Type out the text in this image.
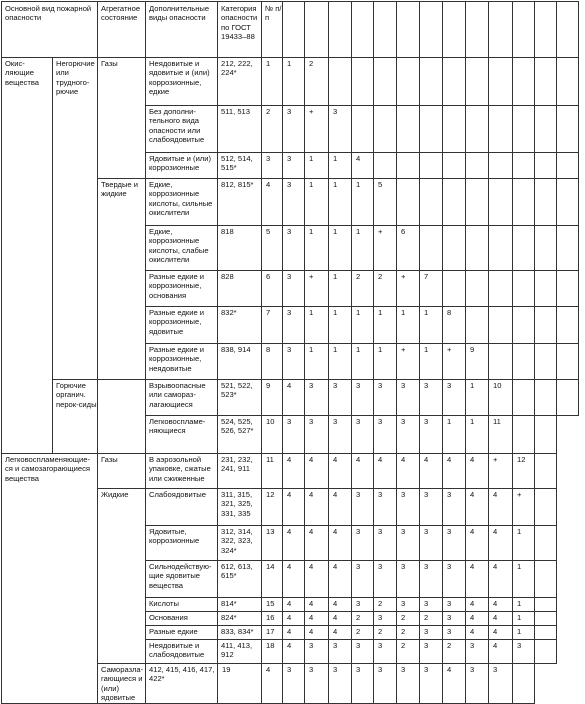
Основной вид пожарной опасности		Агрегатное состояние	Дополнительные виды опасности	Категория опасности по ГОСТ 19433–88	№ п/п													
Окис-ляющие вещества	Негорючие или трудного-рючие	Газы	Неядовитые и ядовитые и (или) коррозионные, едкие	212, 222, 224*	1	1	2											
			Без дополни-тельного вида опасности или слабоядовитые	511, 513	2	3	+	3										
			Ядовитые и (или) коррозионные	512, 514, 515*	3	3	1	1	4									
		Твердые и жидкие	Едкие, коррозионные кислоты, сильные окислители	812, 815*	4	3	1	1	1	5								
			Едкие, коррозионные кислоты, слабые окислители	818	5	3	1	1	1	+	6							
			Разные едкие и коррозионные, основания	828	6	3	+	1	2	2	+	7						
			Разные едкие и коррозионные, ядовитые	832*	7	3	1	1	1	1	1	1	8					
			Разные едкие и коррозионные, неядовитые	838, 914	8	3	1	1	1	1	+	1	+	9				
	Горючие органич. перок-сиды		Взрывоопасные или самораз-лагающиеся	521, 522, 523*	9	4	3	3	3	3	3	3	3	1	10			
			Легковоспламе-няющиеся	524, 525, 526, 527*	10	3	3	3	3	3	3	3	1	1	11			
Легковоспламеняющие-ся и самозагорающиеся вещества		Газы	В аэрозольной упаковке, сжатые или сжиженные	231, 232, 241, 911	11	4	4	4	4	4	4	4	4	4	+	12		
		Жидкие	Слабоядовитые	311, 315, 321, 325, 331, 335	12	4	4	4	3	3	3	3	3	4	4	+		
			Ядовитые, коррозионные	312, 314, 322, 323, 324*	13	4	4	4	3	3	3	3	3	4	4	1		
			Сильнодействую-щие ядовитые вещества	612, 613, 615*	14	4	4	4	3	3	3	3	3	4	4	1		
			Кислоты	814*	15	4	4	4	3	2	3	3	3	4	4	1		
			Основания	824*	16	4	4	4	2	3	2	2	3	4	4	1		
			Разные едкие	833, 834*	17	4	4	4	2	2	2	3	3	4	4	1		
			Неядовитые и слабоядовитые	411, 413, 912	18	4	3	3	3	3	2	3	2	3	4	3		
		Саморазла-гающиеся и (или) ядовитые	412, 415, 416, 417, 422*	19	4	3	3	3	3	3	3	3	4	3	3			
